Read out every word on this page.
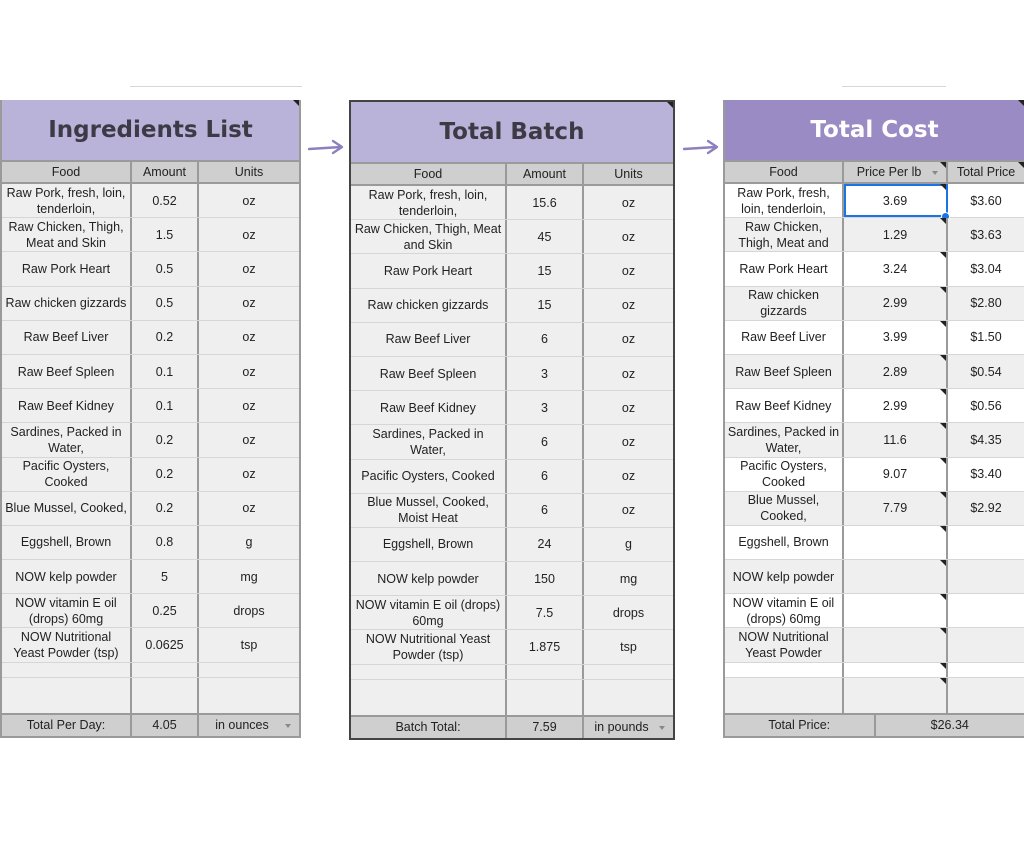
Ingredients List
Food	Amount	Units
Raw Pork, fresh, loin, tenderloin,
0.52	oz
Raw Chicken, Thigh, Meat and Skin
1.5	oz
Raw Pork Heart	0.5	oz
Raw chicken gizzards 0.5	oz
Raw Beef Liver	0.2	oz
Raw Beef Spleen	0.1	oz
Raw Beef Kidney	0.1	oz
Sardines, Packed in Water,
0.2	oz
Pacific Oysters, Cooked
0.2	oz
Blue Mussel, Cooked, 0.2	oz
Eggshell, Brown	0.8	g
NOW kelp powder	5	mg
NOW vitamin E oil (drops) 60mg
0.25	drops
NOW Nutritional Yeast Powder (tsp)
0.0625	tsp
Total Per Day:	4.05	in ounces
Total Batch
Food	Amount	Units
Raw Pork, fresh, loin, tenderloin,
15.6	oz
Raw Chicken, Thigh, Meat and Skin
45	oz
Raw Pork Heart	15	oz
Raw chicken gizzards	15	oz
Raw Beef Liver	6	oz
Raw Beef Spleen	3	oz
Raw Beef Kidney	3	oz
Sardines, Packed in Water,
6	oz
Pacific Oysters, Cooked	6	oz
Blue Mussel, Cooked, Moist Heat
6	oz
Eggshell, Brown	24	g
NOW kelp powder	150	mg
NOW vitamin E oil (drops) 60mg
7.5	drops
NOW Nutritional Yeast Powder (tsp)
1.875	tsp
Batch Total:	7.59	in pounds
Total Cost
Food	Price Per lb	Total Price
Raw Pork, fresh, loin, tenderloin,
3.69	$3.60
Raw Chicken, Thigh, Meat and
1.29	$3.63
Raw Pork Heart	3.24	$3.04
Raw chicken gizzards
2.99	$2.80
Raw Beef Liver	3.99	$1.50
Raw Beef Spleen	2.89	$0.54
Raw Beef Kidney	2.99	$0.56
Sardines, Packed in Water,
11.6	$4.35
Pacific Oysters, Cooked
9.07	$3.40
Blue Mussel, Cooked,
7.79	$2.92
Eggshell, Brown
NOW kelp powder
NOW vitamin E oil (drops) 60mg
NOW Nutritional Yeast Powder
Total Price:	$26.34
